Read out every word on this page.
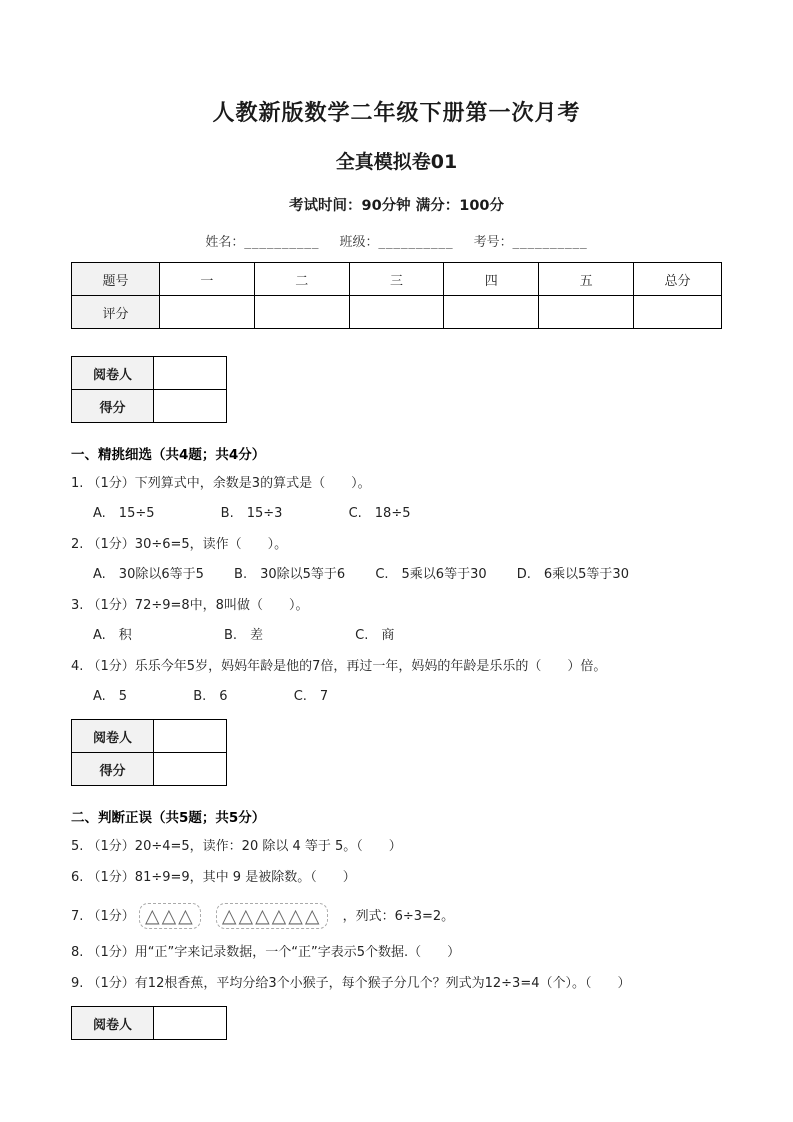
人教新版数学二年级下册第一次月考
全真模拟卷01
考试时间：90分钟 满分：100分
姓名：__________ 班级：__________ 考号：__________
题号	一	二	三	四	五	总分
评分						
阅卷人	
得分	
一、精挑细选（共4题；共4分）
1. （1分）下列算式中，余数是3的算式是（　　）。
A.　15÷5	B.　15÷3	C.　18÷5
2. （1分）30÷6=5，读作（　　）。
A.　30除以6等于5 B.　30除以5等于6 C.　5乘以6等于30 D.　6乘以5等于30
3. （1分）72÷9=8中，8叫做（　　）。
A.　积	B.　差	C.　商
4. （1分）乐乐今年5岁，妈妈年龄是他的7倍，再过一年，妈妈的年龄是乐乐的（　　）倍。
A.　5	B.　6	C.　7
阅卷人	
得分	
二、判断正误（共5题；共5分）
5. （1分）20÷4=5，读作：20 除以 4 等于 5。（　　）
6. （1分）81÷9=9，其中 9 是被除数。（　　）
7. （1分） △△△ △△△△△△ ，列式：6÷3=2。
8. （1分）用“正”字来记录数据，一个“正”字表示5个数据.（　　）
9. （1分）有12根香蕉，平均分给3个小猴子，每个猴子分几个？列式为12÷3=4（个）。（　　）
阅卷人	
